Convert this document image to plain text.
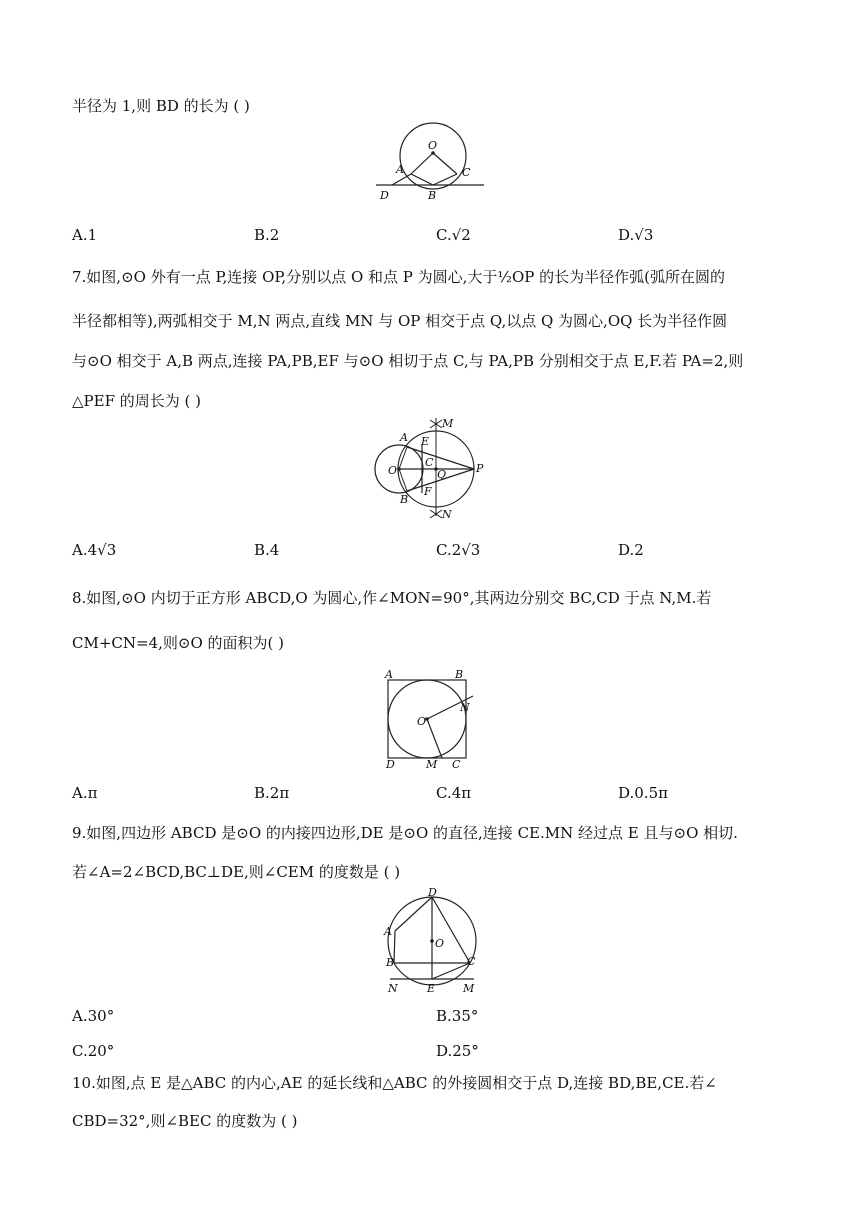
半径为 1,则 BD 的长为 ( )
O
A	C
D	B
A.1	B.2	C.√2	D.√3
7.如图,⊙O 外有一点 P,连接 OP,分别以点 O 和点 P 为圆心,大于½OP 的长为半径作弧(弧所在圆的
半径都相等),两弧相交于 M,N 两点,直线 MN 与 OP 相交于点 Q,以点 Q 为圆心,OQ 长为半径作圆
与⊙O 相交于 A,B 两点,连接 PA,PB,EF 与⊙O 相切于点 C,与 PA,PB 分别相交于点 E,F.若 PA=2,则
△PEF 的周长为 ( )
M
A E
O
C
Q	P
F
B
N
A.4√3	B.4	C.2√3	D.2
8.如图,⊙O 内切于正方形 ABCD,O 为圆心,作∠MON=90°,其两边分别交 BC,CD 于点 N,M.若
CM+CN=4,则⊙O 的面积为( )
A	B
N
O
D	M C
A.π	B.2π	C.4π	D.0.5π
9.如图,四边形 ABCD 是⊙O 的内接四边形,DE 是⊙O 的直径,连接 CE.MN 经过点 E 且与⊙O 相切.
若∠A=2∠BCD,BC⊥DE,则∠CEM 的度数是 ( )
D
A
O
B	C
N	E	M
A.30°	B.35°
C.20°	D.25°
10.如图,点 E 是△ABC 的内心,AE 的延长线和△ABC 的外接圆相交于点 D,连接 BD,BE,CE.若∠
CBD=32°,则∠BEC 的度数为 ( )
